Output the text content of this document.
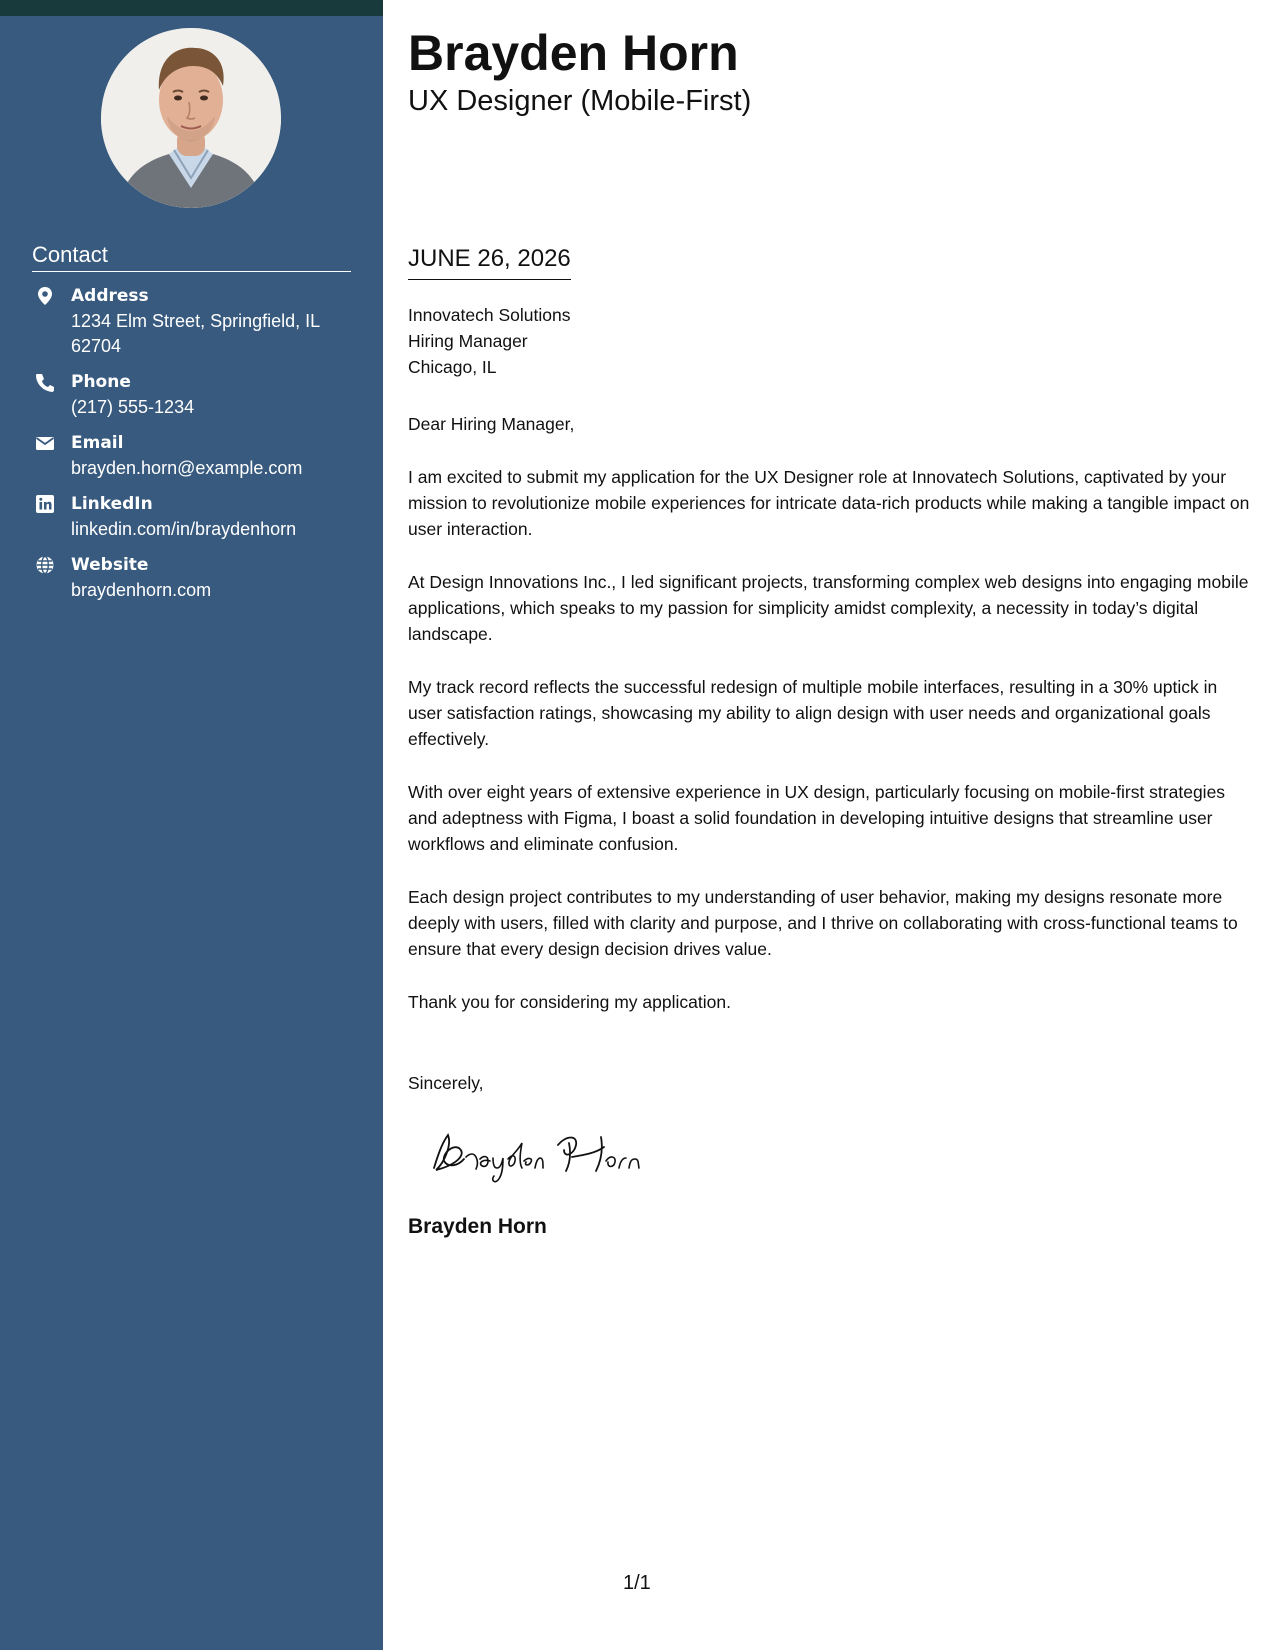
Contact
Address
1234 Elm Street, Springfield, IL 62704
Phone
(217) 555-1234
Email
brayden.horn@example.com
LinkedIn
linkedin.com/in/braydenhorn
Website
braydenhorn.com
Brayden Horn
UX Designer (Mobile-First)
JUNE 26, 2026
Innovatech Solutions
Hiring Manager
Chicago, IL

Dear Hiring Manager,

I am excited to submit my application for the UX Designer role at Innovatech Solutions, captivated by your mission to revolutionize mobile experiences for intricate data-rich products while making a tangible impact on user interaction.

At Design Innovations Inc., I led significant projects, transforming complex web designs into engaging mobile applications, which speaks to my passion for simplicity amidst complexity, a necessity in today’s digital landscape.

My track record reflects the successful redesign of multiple mobile interfaces, resulting in a 30% uptick in user satisfaction ratings, showcasing my ability to align design with user needs and organizational goals effectively.

With over eight years of extensive experience in UX design, particularly focusing on mobile-first strategies and adeptness with Figma, I boast a solid foundation in developing intuitive designs that streamline user workflows and eliminate confusion.

Each design project contributes to my understanding of user behavior, making my designs resonate more deeply with users, filled with clarity and purpose, and I thrive on collaborating with cross-functional teams to ensure that every design decision drives value.

Thank you for considering my application.

Sincerely,
Brayden Horn
1/1
